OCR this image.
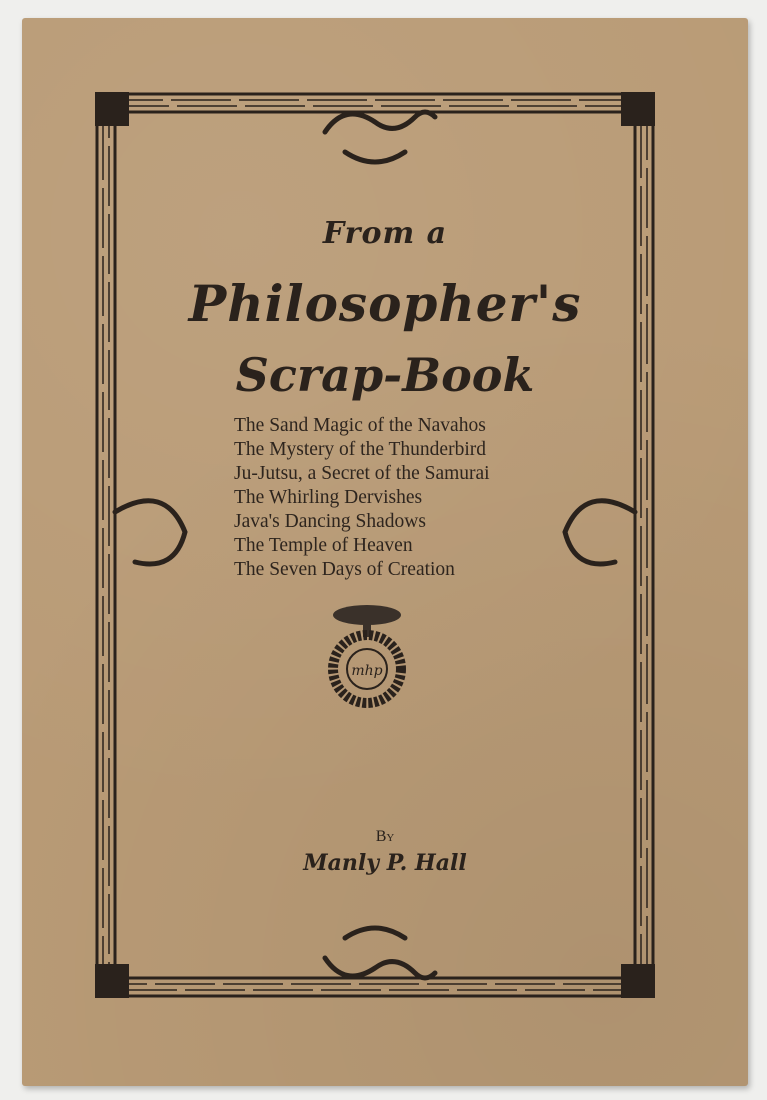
From a
Philosopher's
Scrap-Book
The Sand Magic of the Navahos
The Mystery of the Thunderbird
Ju-Jutsu, a Secret of the Samurai
The Whirling Dervishes
Java's Dancing Shadows
The Temple of Heaven
The Seven Days of Creation
mhp
By
Manly P. Hall
